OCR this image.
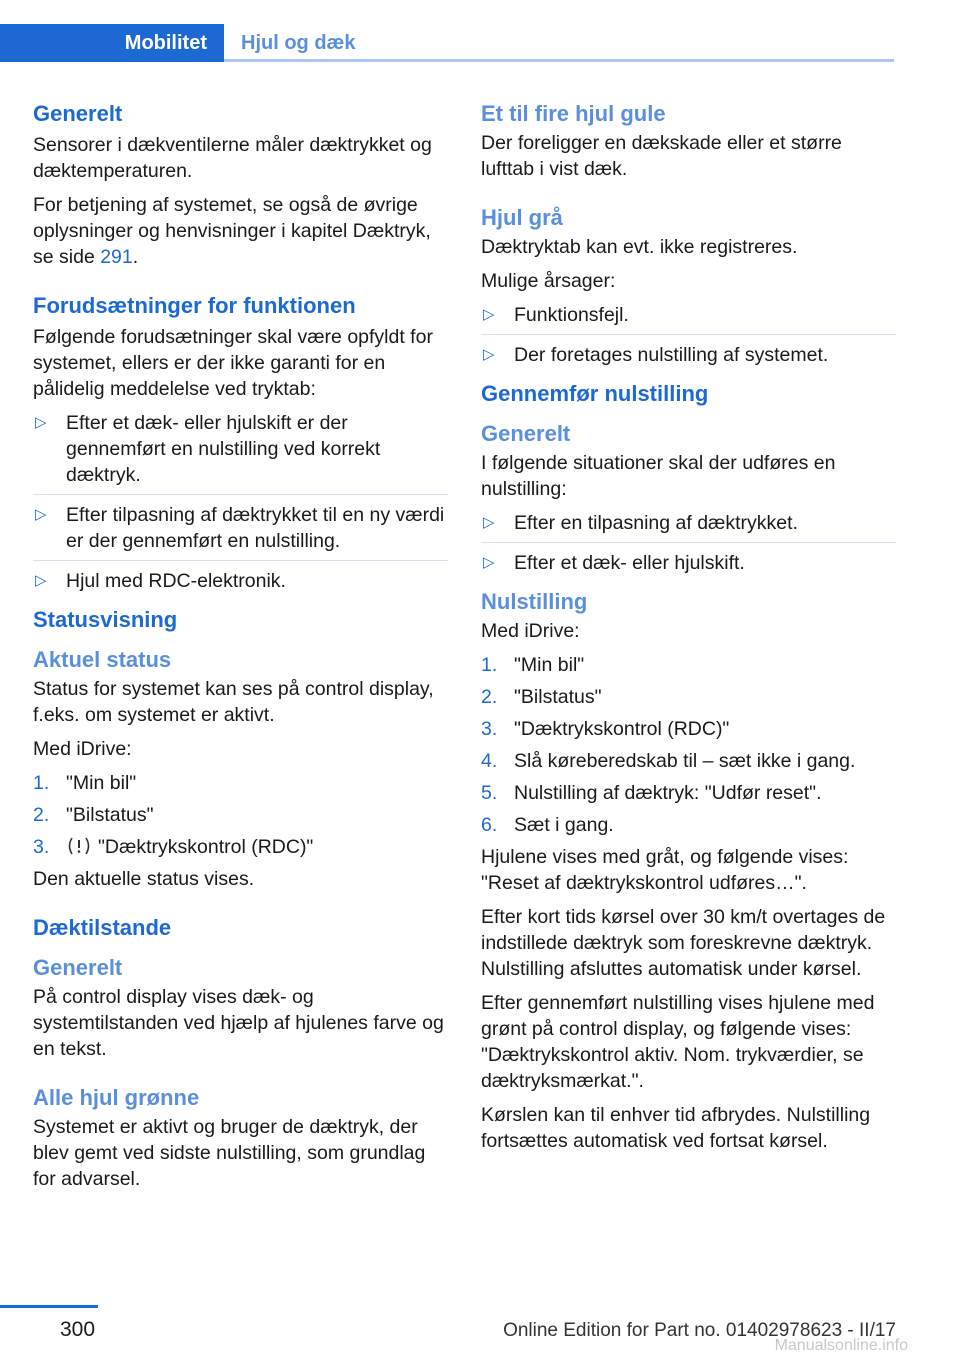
Mobilitet	Hjul og dæk
Generelt

Sensorer i dækventilerne måler dæktrykket og dæktemperaturen.

For betjening af systemet, se også de øvrige oplysninger og henvisninger i kapitel Dæktryk, se side 291.

Forudsætninger for funktionen

Følgende forudsætninger skal være opfyldt for systemet, ellers er der ikke garanti for en pålidelig meddelelse ved tryktab:

▷ Efter et dæk- eller hjulskift er der gennemført en nulstilling ved korrekt dæktryk.
▷ Efter tilpasning af dæktrykket til en ny værdi er der gennemført en nulstilling.
▷ Hjul med RDC-elektronik.
Statusvisning
Aktuel status

Status for systemet kan ses på control display, f.eks. om systemet er aktivt.

Med iDrive:

1. "Min bil"
2. "Bilstatus"
3. "Dæktrykskontrol (RDC)"

Den aktuelle status vises.

Dæktilstande
Generelt

På control display vises dæk- og systemtilstanden ved hjælp af hjulenes farve og en tekst.

Alle hjul grønne

Systemet er aktivt og bruger de dæktryk, der blev gemt ved sidste nulstilling, som grundlag for advarsel.

Et til fire hjul gule

Der foreligger en dækskade eller et større lufttab i vist dæk.

Hjul grå

Dæktryktab kan evt. ikke registreres.

Mulige årsager:

▷ Funktionsfejl.
▷ Der foretages nulstilling af systemet.
Gennemfør nulstilling
Generelt

I følgende situationer skal der udføres en nulstilling:

▷ Efter en tilpasning af dæktrykket.
▷ Efter et dæk- eller hjulskift.
Nulstilling

Med iDrive:

1. "Min bil"
2. "Bilstatus"
3. "Dæktrykskontrol (RDC)"
4. Slå køreberedskab til – sæt ikke i gang.
5. Nulstilling af dæktryk: "Udfør reset".
6. Sæt i gang.

Hjulene vises med gråt, og følgende vises: "Reset af dæktrykskontrol udføres…".

Efter kort tids kørsel over 30 km/t overtages de indstillede dæktryk som foreskrevne dæktryk. Nulstilling afsluttes automatisk under kørsel.

Efter gennemført nulstilling vises hjulene med grønt på control display, og følgende vises: "Dæktrykskontrol aktiv. Nom. trykværdier, se dæktryksmærkat.".

Kørslen kan til enhver tid afbrydes. Nulstilling fortsættes automatisk ved fortsat kørsel.

300	Online Edition for Part no. 01402978623 - II/17
Manualsonline.info
